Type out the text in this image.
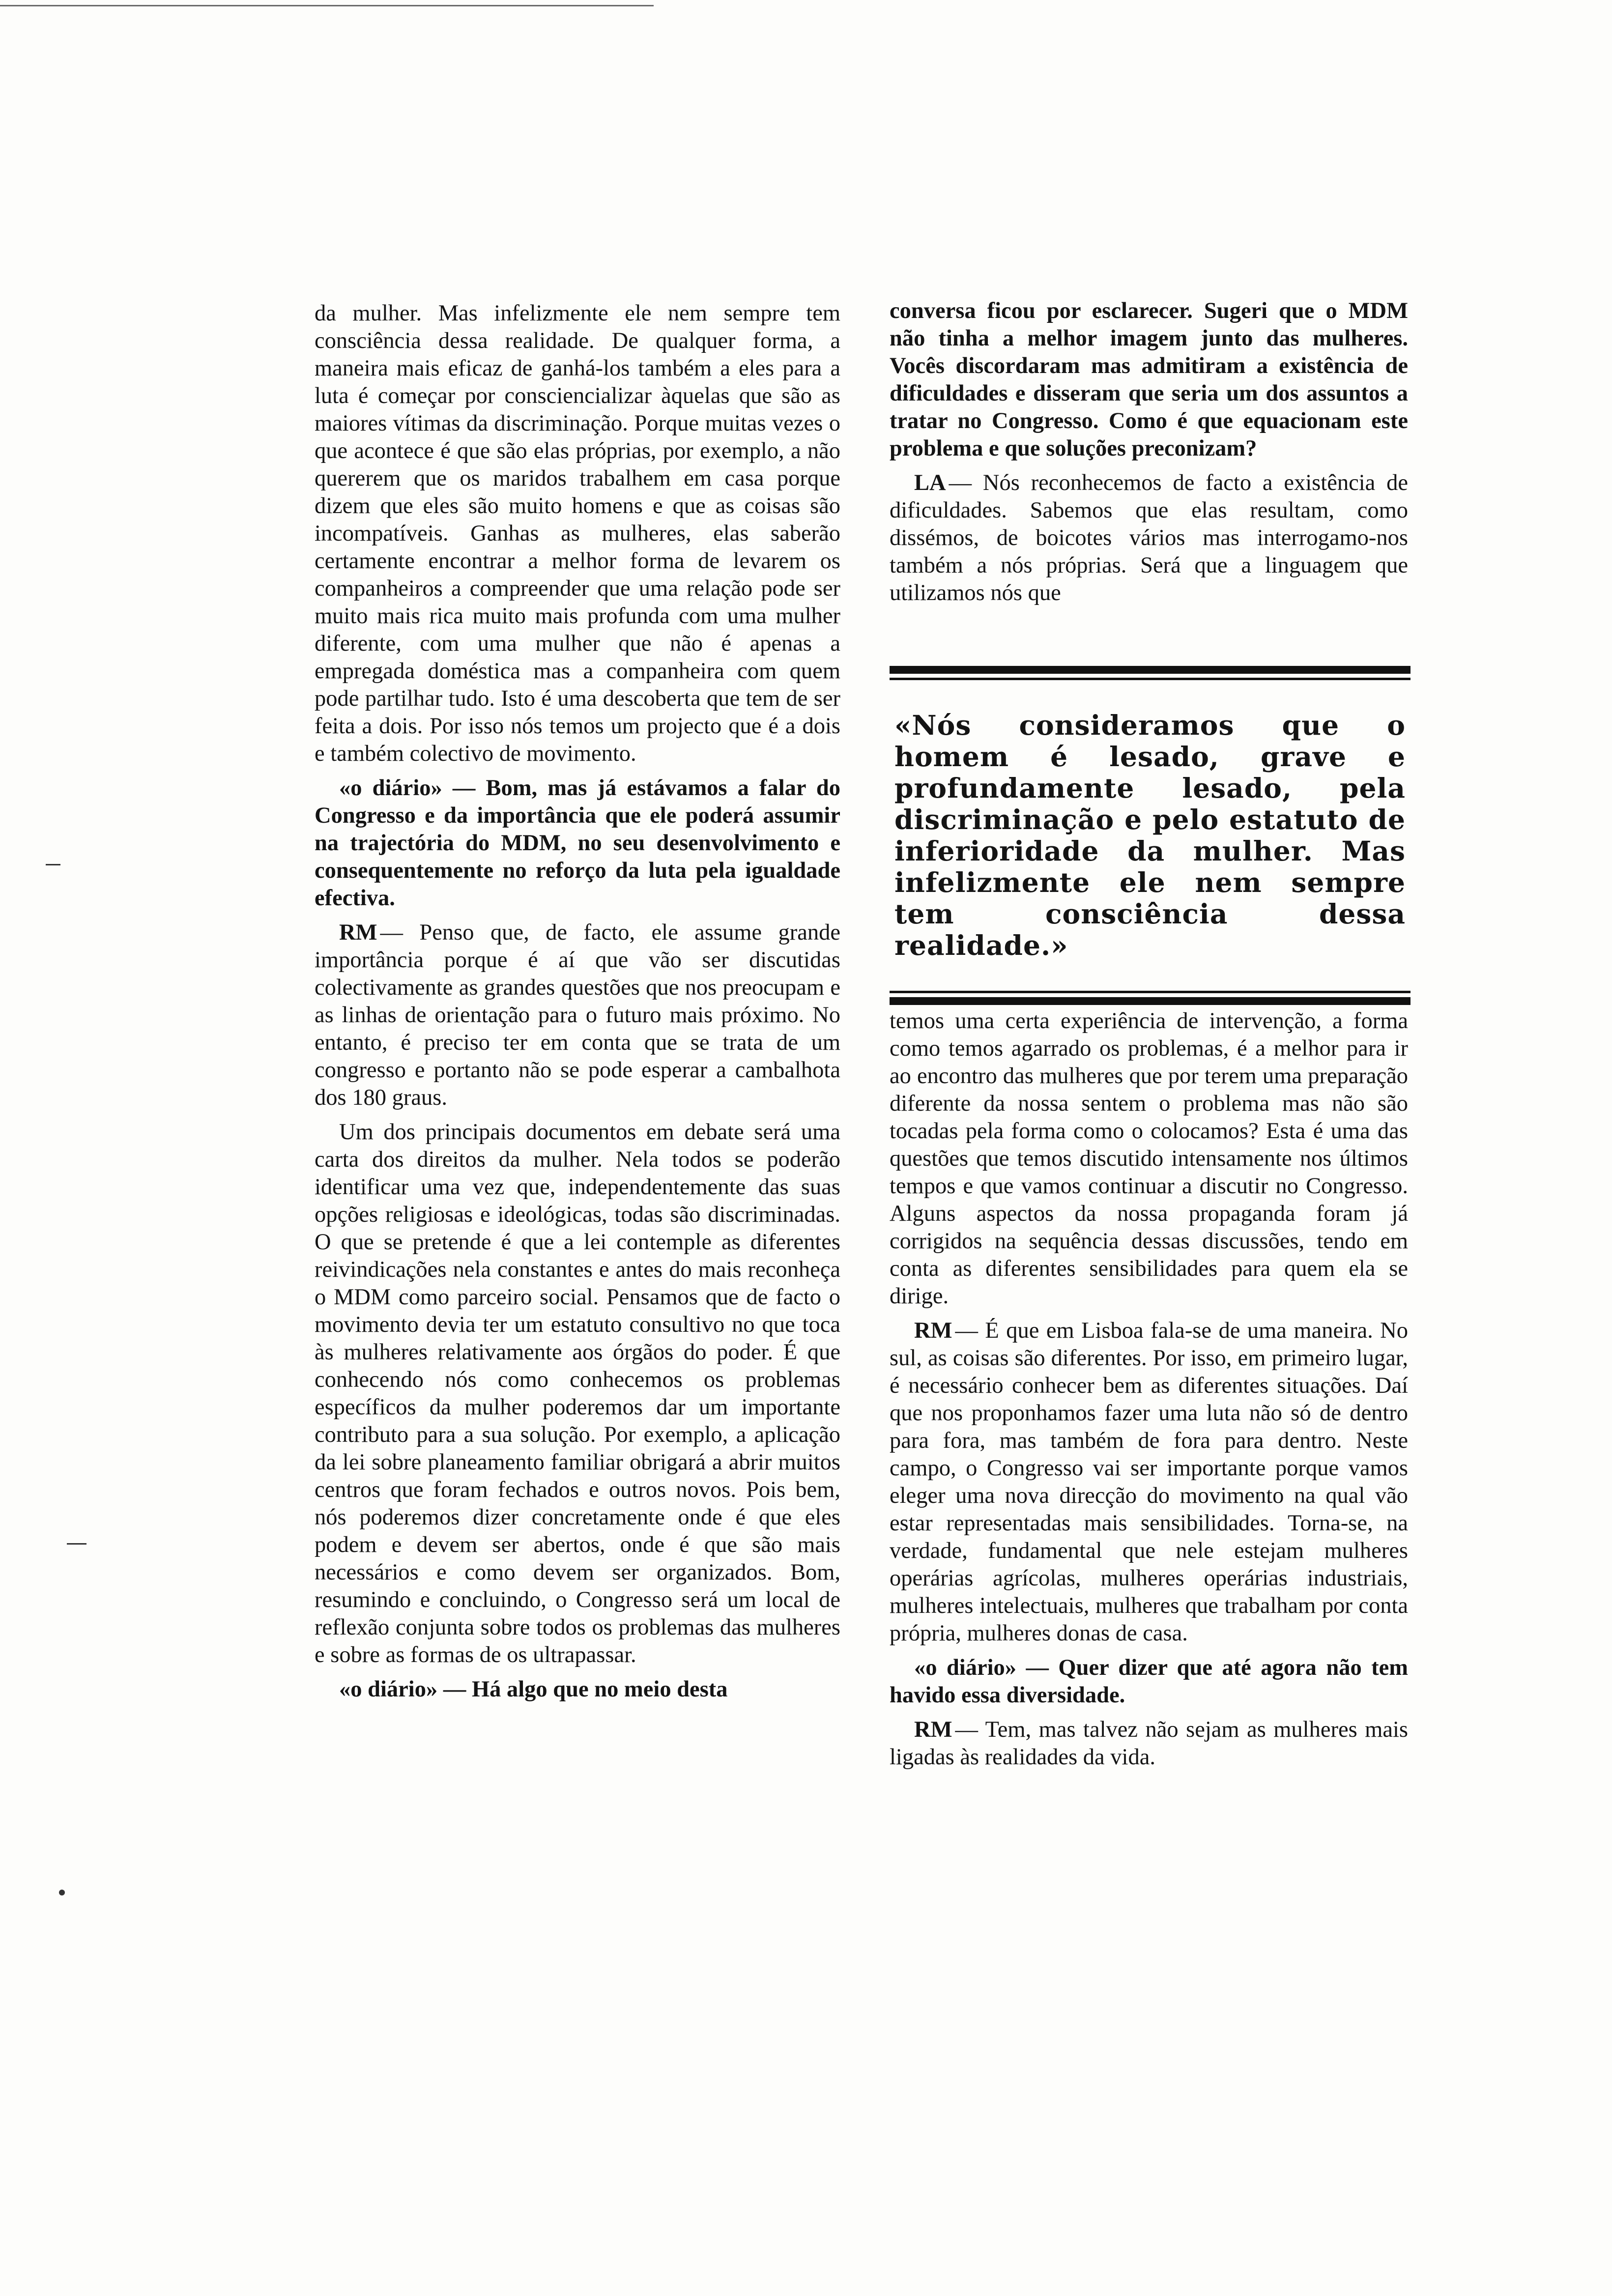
da mulher. Mas infelizmente ele nem sempre tem consciência dessa realidade. De qualquer forma, a maneira mais eficaz de ganhá-los também a eles para a luta é começar por consciencializar àquelas que são as maiores vítimas da discriminação. Porque muitas vezes o que acontece é que são elas próprias, por exemplo, a não quererem que os maridos trabalhem em casa porque dizem que eles são muito homens e que as coisas são incompatíveis. Ganhas as mulheres, elas saberão certamente encontrar a melhor forma de levarem os companheiros a compreender que uma relação pode ser muito mais rica muito mais profunda com uma mulher diferente, com uma mulher que não é apenas a empregada doméstica mas a companheira com quem pode partilhar tudo. Isto é uma descoberta que tem de ser feita a dois. Por isso nós temos um projecto que é a dois e também colectivo de movimento.

«o diário» — Bom, mas já estávamos a falar do Congresso e da importância que ele poderá assumir na trajectória do MDM, no seu desenvolvimento e consequentemente no reforço da luta pela igualdade efectiva.

RM — Penso que, de facto, ele assume grande importância porque é aí que vão ser discutidas colectivamente as grandes questões que nos preocupam e as linhas de orientação para o futuro mais próximo. No entanto, é preciso ter em conta que se trata de um congresso e portanto não se pode esperar a cambalhota dos 180 graus.

Um dos principais documentos em debate será uma carta dos direitos da mulher. Nela todos se poderão identificar uma vez que, independentemente das suas opções religiosas e ideológicas, todas são discriminadas. O que se pretende é que a lei contemple as diferentes reivindicações nela constantes e antes do mais reconheça o MDM como parceiro social. Pensamos que de facto o movimento devia ter um estatuto consultivo no que toca às mulheres relativamente aos órgãos do poder. É que conhecendo nós como conhecemos os problemas específicos da mulher poderemos dar um importante contributo para a sua solução. Por exemplo, a aplicação da lei sobre planeamento familiar obrigará a abrir muitos centros que foram fechados e outros novos. Pois bem, nós poderemos dizer concretamente onde é que eles podem e devem ser abertos, onde é que são mais necessários e como devem ser organizados. Bom, resumindo e concluindo, o Congresso será um local de reflexão conjunta sobre todos os problemas das mulheres e sobre as formas de os ultrapassar.

«o diário» — Há algo que no meio desta

conversa ficou por esclarecer. Sugeri que o MDM não tinha a melhor imagem junto das mulheres. Vocês discordaram mas admitiram a existência de dificuldades e disseram que seria um dos assuntos a tratar no Congresso. Como é que equacionam este problema e que soluções preconizam?

LA — Nós reconhecemos de facto a existência de dificuldades. Sabemos que elas resultam, como dissémos, de boicotes vários mas interrogamo-nos também a nós próprias. Será que a linguagem que utilizamos nós que

«Nós consideramos que o homem é lesado, grave e profundamente lesado, pela discriminação e pelo estatuto de inferioridade da mulher. Mas infelizmente ele nem sempre tem consciência dessa realidade.»

temos uma certa experiência de intervenção, a forma como temos agarrado os problemas, é a melhor para ir ao encontro das mulheres que por terem uma preparação diferente da nossa sentem o problema mas não são tocadas pela forma como o colocamos? Esta é uma das questões que temos discutido intensamente nos últimos tempos e que vamos continuar a discutir no Congresso. Alguns aspectos da nossa propaganda foram já corrigidos na sequência dessas discussões, tendo em conta as diferentes sensibilidades para quem ela se dirige.

RM — É que em Lisboa fala-se de uma maneira. No sul, as coisas são diferentes. Por isso, em primeiro lugar, é necessário conhecer bem as diferentes situações. Daí que nos proponhamos fazer uma luta não só de dentro para fora, mas também de fora para dentro. Neste campo, o Congresso vai ser importante porque vamos eleger uma nova direcção do movimento na qual vão estar representadas mais sensibilidades. Torna-se, na verdade, fundamental que nele estejam mulheres operárias agrícolas, mulheres operárias industriais, mulheres intelectuais, mulheres que trabalham por conta própria, mulheres donas de casa.

«o diário» — Quer dizer que até agora não tem havido essa diversidade.

RM — Tem, mas talvez não sejam as mulheres mais ligadas às realidades da vida.
